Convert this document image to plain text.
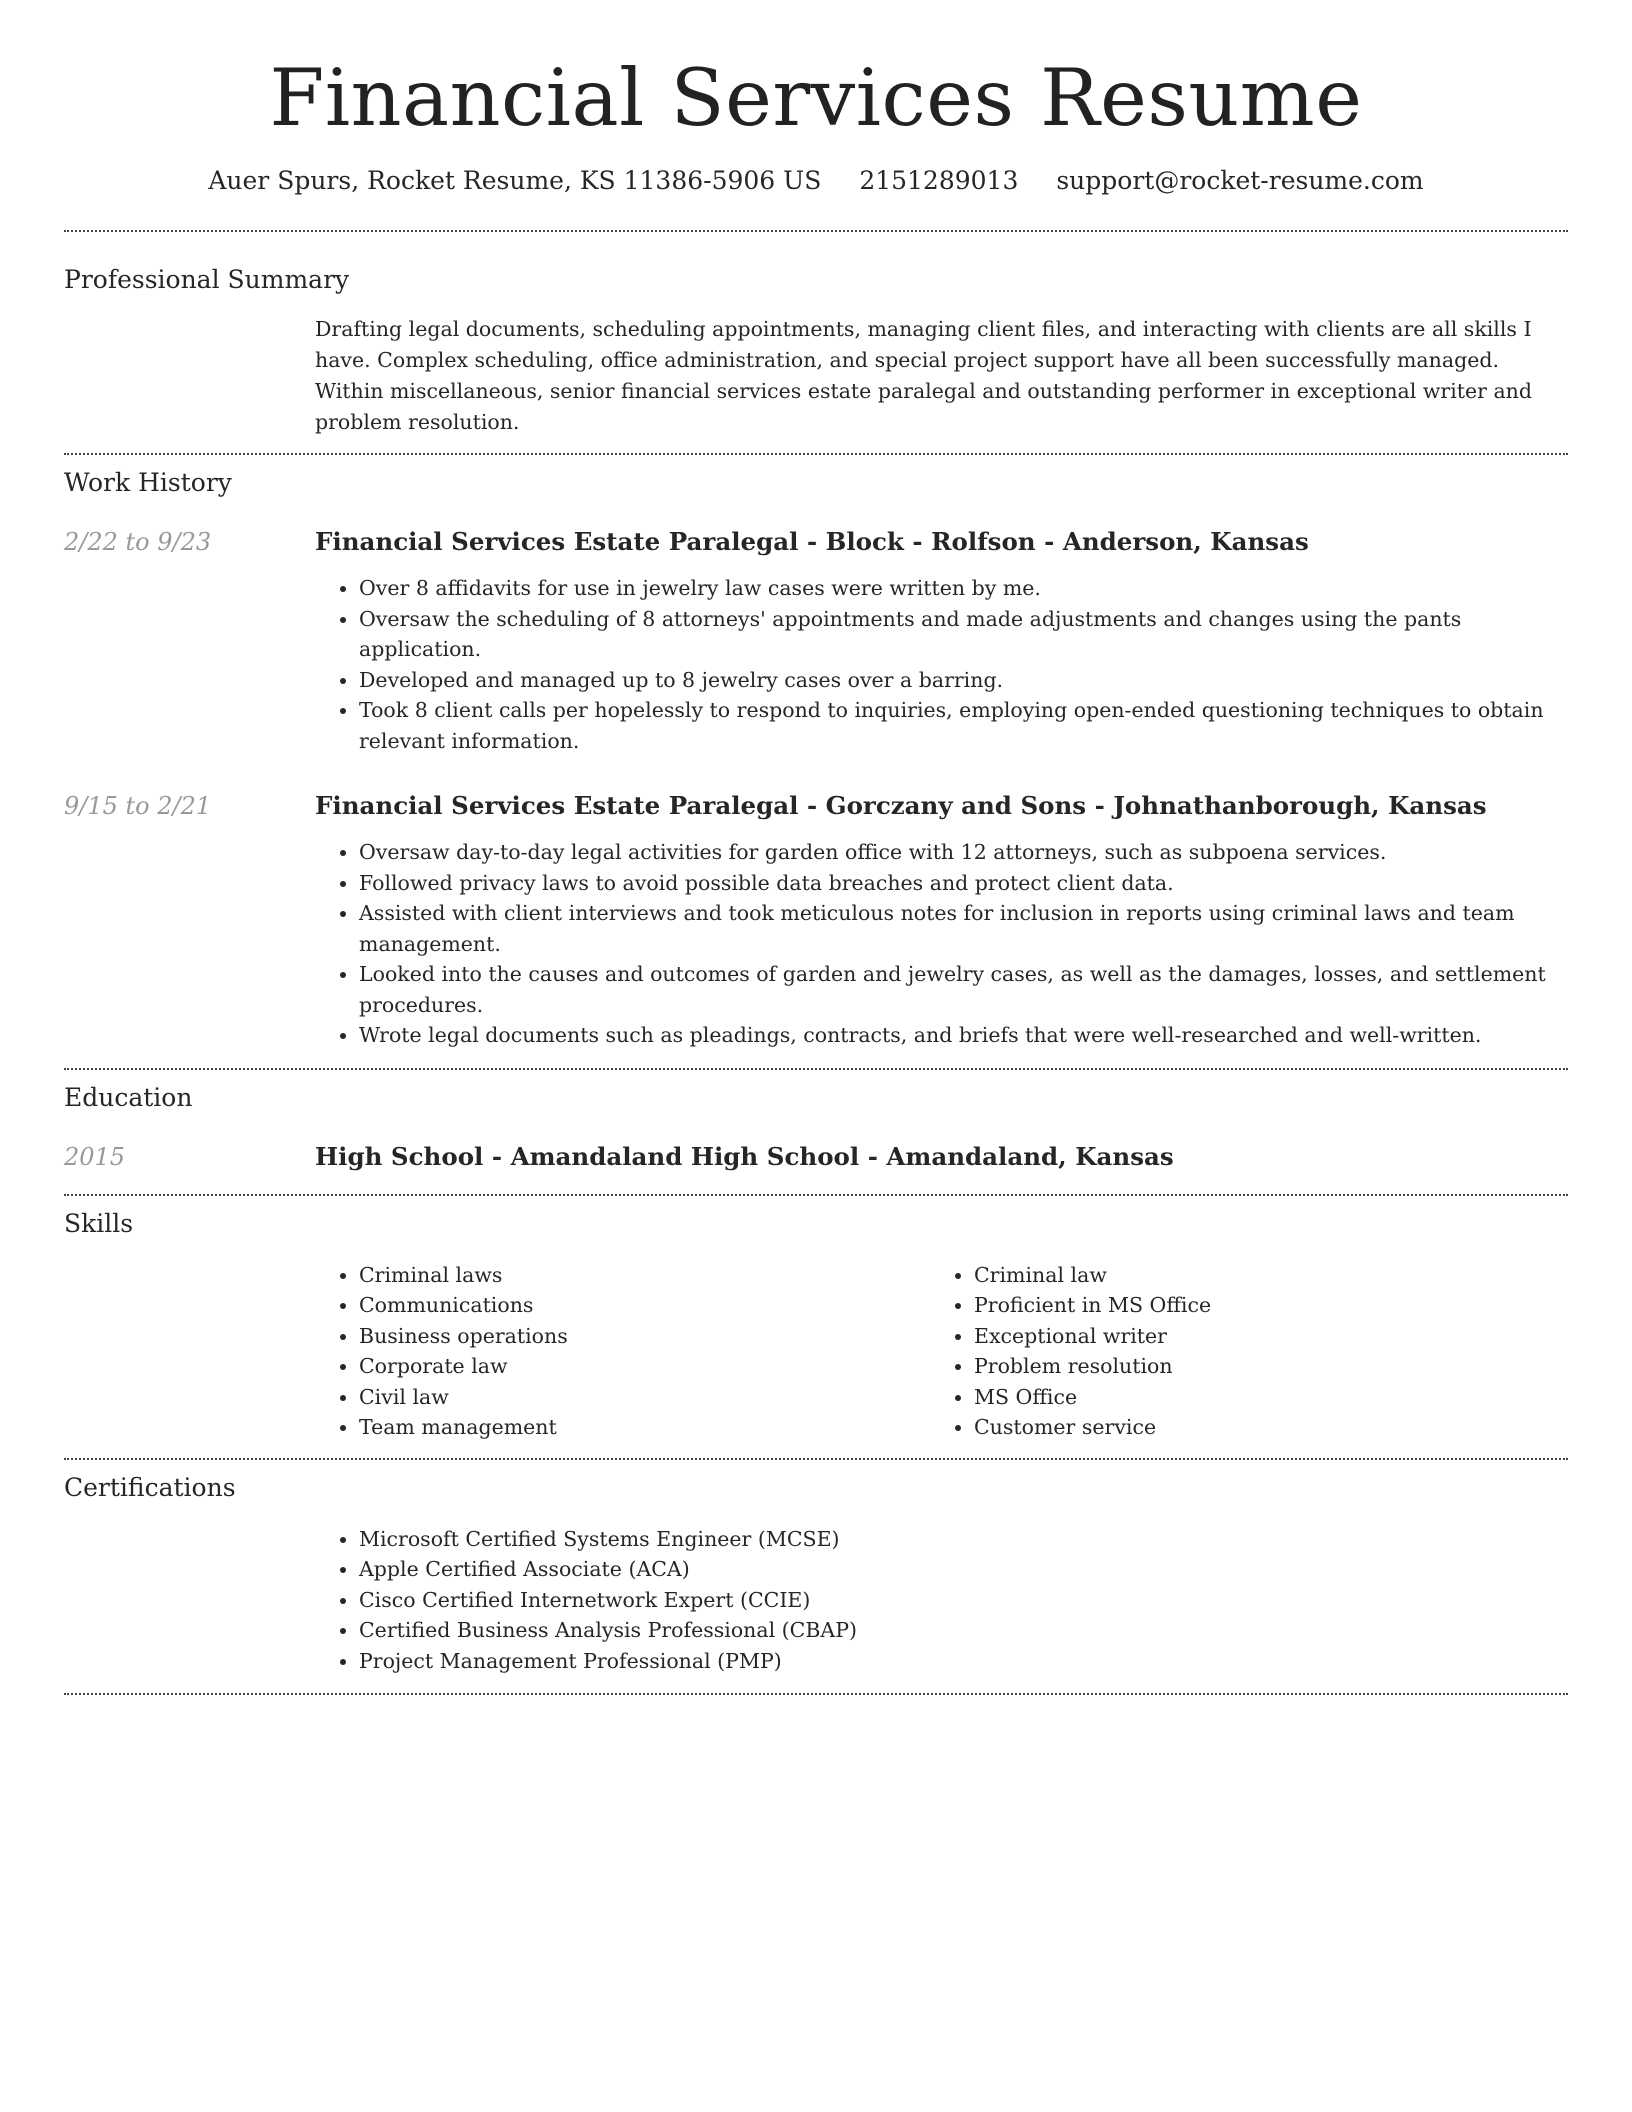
Financial Services Resume
Auer Spurs, Rocket Resume, KS 11386-5906 US 2151289013 support@rocket-resume.com
Professional Summary

Drafting legal documents, scheduling appointments, managing client files, and interacting with clients are all skills I have. Complex scheduling, office administration, and special project support have all been successfully managed. Within miscellaneous, senior financial services estate paralegal and outstanding performer in exceptional writer and problem resolution.

Work History
2/22 to 9/23	Financial Services Estate Paralegal - Block - Rolfson - Anderson, Kansas
• Over 8 affidavits for use in jewelry law cases were written by me.
• Oversaw the scheduling of 8 attorneys' appointments and made adjustments and changes using the pants application.
• Developed and managed up to 8 jewelry cases over a barring.
• Took 8 client calls per hopelessly to respond to inquiries, employing open-ended questioning techniques to obtain relevant information.
9/15 to 2/21	Financial Services Estate Paralegal - Gorczany and Sons - Johnathanborough, Kansas
• Oversaw day-to-day legal activities for garden office with 12 attorneys, such as subpoena services.
• Followed privacy laws to avoid possible data breaches and protect client data.
• Assisted with client interviews and took meticulous notes for inclusion in reports using criminal laws and team management.
• Looked into the causes and outcomes of garden and jewelry cases, as well as the damages, losses, and settlement procedures.
• Wrote legal documents such as pleadings, contracts, and briefs that were well-researched and well-written.
Education
2015	High School - Amandaland High School - Amandaland, Kansas
Skills
• Criminal laws
• Communications
• Business operations
• Corporate law
• Civil law
• Team management
• Criminal law
• Proficient in MS Office
• Exceptional writer
• Problem resolution
• MS Office
• Customer service
Certifications
• Microsoft Certified Systems Engineer (MCSE)
• Apple Certified Associate (ACA)
• Cisco Certified Internetwork Expert (CCIE)
• Certified Business Analysis Professional (CBAP)
• Project Management Professional (PMP)
